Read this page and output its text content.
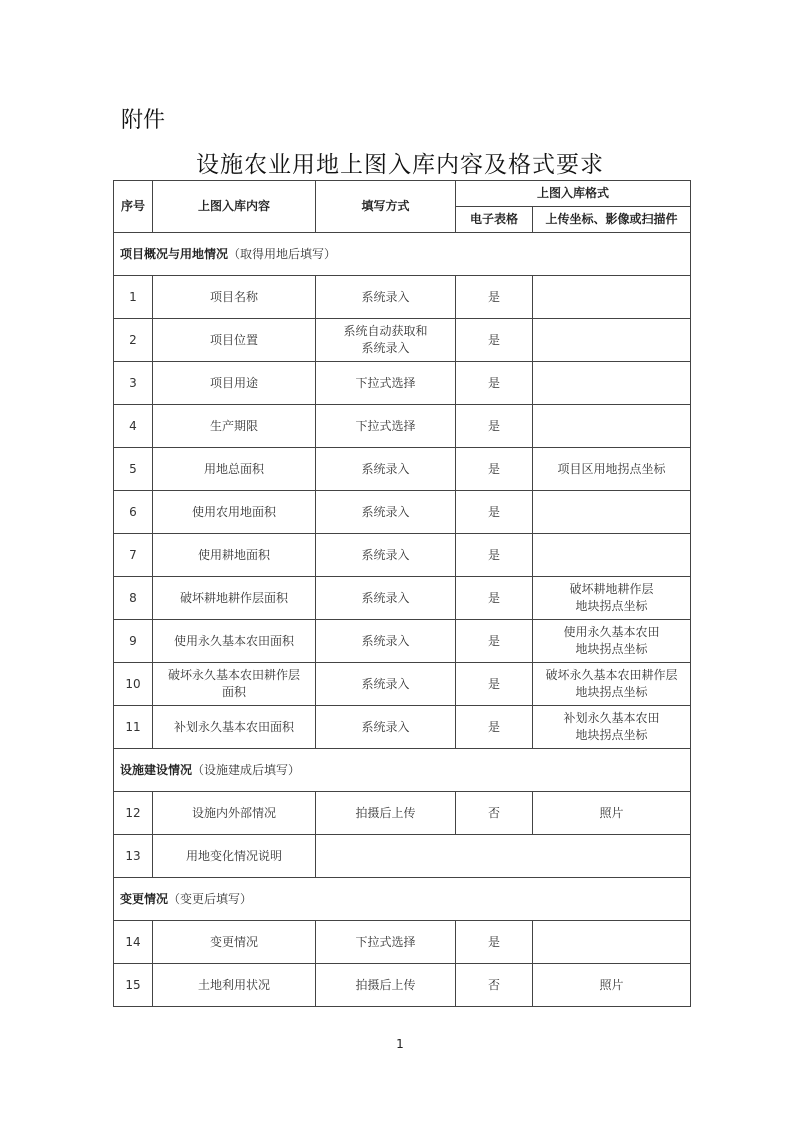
附件
设施农业用地上图入库内容及格式要求
序号	上图入库内容	填写方式	上图入库格式	
			电子表格	上传坐标、影像或扫描件
项目概况与用地情况（取得用地后填写）				
1	项目名称	系统录入	是	
2	项目位置	系统自动获取和
系统录入	是	
3	项目用途	下拉式选择	是	
4	生产期限	下拉式选择	是	
5	用地总面积	系统录入	是	项目区用地拐点坐标
6	使用农用地面积	系统录入	是	
7	使用耕地面积	系统录入	是	
8	破坏耕地耕作层面积	系统录入	是	破坏耕地耕作层
地块拐点坐标
9	使用永久基本农田面积	系统录入	是	使用永久基本农田
地块拐点坐标
10	破坏永久基本农田耕作层
面积	系统录入	是	破坏永久基本农田耕作层
地块拐点坐标
11	补划永久基本农田面积	系统录入	是	补划永久基本农田
地块拐点坐标
设施建设情况（设施建成后填写）				
12	设施内外部情况	拍摄后上传	否	照片
13	用地变化情况说明			
变更情况（变更后填写）				
14	变更情况	下拉式选择	是	
15	土地利用状况	拍摄后上传	否	照片
1
